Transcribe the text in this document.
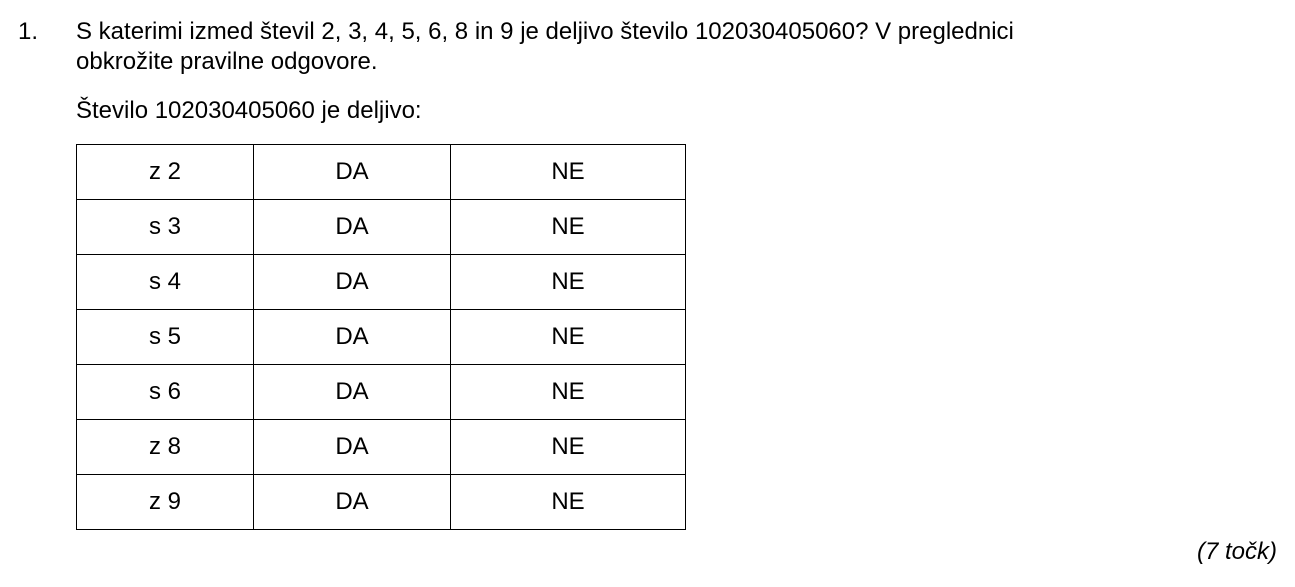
1. S katerimi izmed števil 2, 3, 4, 5, 6, 8 in 9 je deljivo število 102030405060? V preglednici
obkrožite pravilne odgovore.
Število 102030405060 je deljivo:
z 2	DA	NE
s 3	DA	NE
s 4	DA	NE
s 5	DA	NE
s 6	DA	NE
z 8	DA	NE
z 9	DA	NE
(7 točk)
